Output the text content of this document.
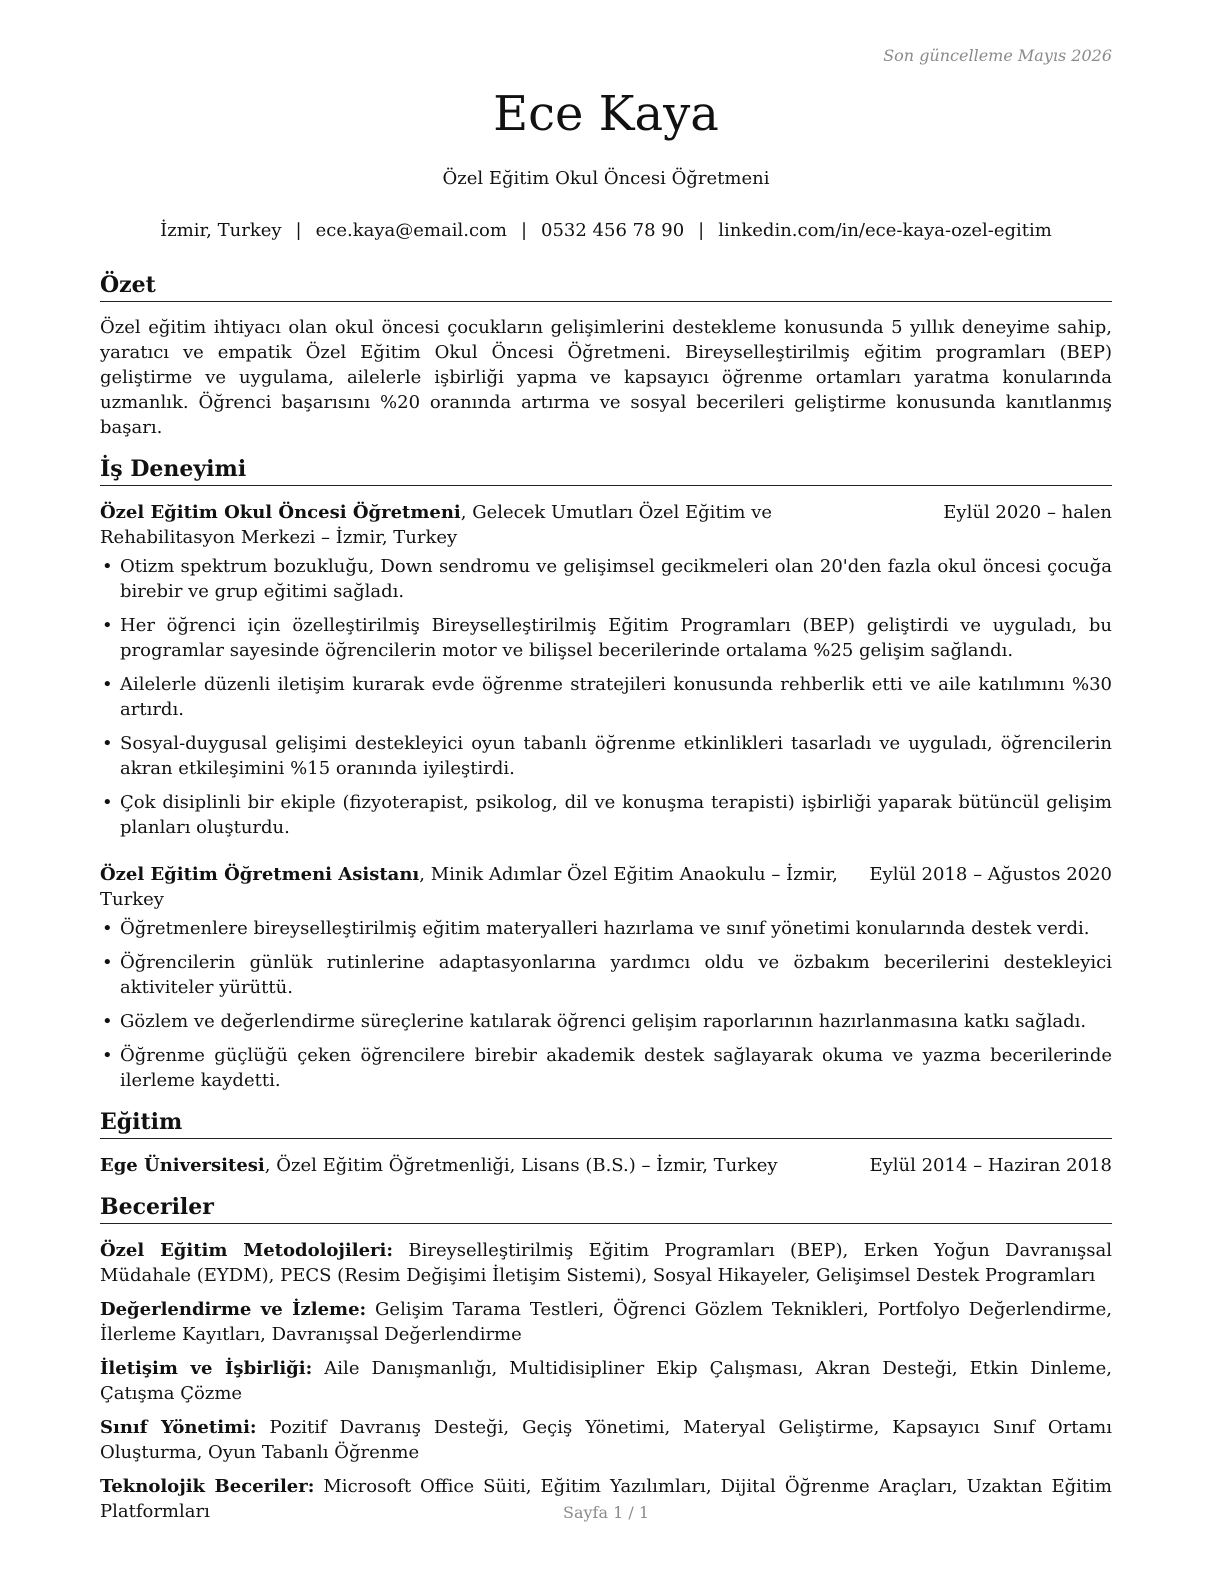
Son güncelleme Mayıs 2026
Ece Kaya
Özel Eğitim Okul Öncesi Öğretmeni
İzmir, Turkey | ece.kaya@email.com | 0532 456 78 90 | linkedin.com/in/ece-kaya-ozel-egitim
Özet

Özel eğitim ihtiyacı olan okul öncesi çocukların gelişimlerini destekleme konusunda 5 yıllık deneyime sahip, yaratıcı ve empatik Özel Eğitim Okul Öncesi Öğretmeni. Bireyselleştirilmiş eğitim programları (BEP) geliştirme ve uygulama, ailelerle işbirliği yapma ve kapsayıcı öğrenme ortamları yaratma konularında uzmanlık. Öğrenci başarısını %20 oranında artırma ve sosyal becerileri geliştirme konusunda kanıtlanmış başarı.

İş Deneyimi
Özel Eğitim Okul Öncesi Öğretmeni, Gelecek Umutları Özel Eğitim ve Rehabilitasyon Merkezi – İzmir, Turkey
Eylül 2020 – halen
• Otizm spektrum bozukluğu, Down sendromu ve gelişimsel gecikmeleri olan 20'den fazla okul öncesi çocuğa birebir ve grup eğitimi sağladı.
• Her öğrenci için özelleştirilmiş Bireyselleştirilmiş Eğitim Programları (BEP) geliştirdi ve uyguladı, bu programlar sayesinde öğrencilerin motor ve bilişsel becerilerinde ortalama %25 gelişim sağlandı.
• Ailelerle düzenli iletişim kurarak evde öğrenme stratejileri konusunda rehberlik etti ve aile katılımını %30 artırdı.
• Sosyal-duygusal gelişimi destekleyici oyun tabanlı öğrenme etkinlikleri tasarladı ve uyguladı, öğrencilerin akran etkileşimini %15 oranında iyileştirdi.
• Çok disiplinli bir ekiple (fizyoterapist, psikolog, dil ve konuşma terapisti) işbirliği yaparak bütüncül gelişim planları oluşturdu.
Özel Eğitim Öğretmeni Asistanı, Minik Adımlar Özel Eğitim Anaokulu – İzmir, Turkey
Eylül 2018 – Ağustos 2020
• Öğretmenlere bireyselleştirilmiş eğitim materyalleri hazırlama ve sınıf yönetimi konularında destek verdi.
• Öğrencilerin günlük rutinlerine adaptasyonlarına yardımcı oldu ve özbakım becerilerini destekleyici aktiviteler yürüttü.
• Gözlem ve değerlendirme süreçlerine katılarak öğrenci gelişim raporlarının hazırlanmasına katkı sağladı.
• Öğrenme güçlüğü çeken öğrencilere birebir akademik destek sağlayarak okuma ve yazma becerilerinde ilerleme kaydetti.
Eğitim
Ege Üniversitesi, Özel Eğitim Öğretmenliği, Lisans (B.S.) – İzmir, Turkey	Eylül 2014 – Haziran 2018
Beceriler
Özel Eğitim Metodolojileri: Bireyselleştirilmiş Eğitim Programları (BEP), Erken Yoğun Davranışsal Müdahale (EYDM), PECS (Resim Değişimi İletişim Sistemi), Sosyal Hikayeler, Gelişimsel Destek Programları
Değerlendirme ve İzleme: Gelişim Tarama Testleri, Öğrenci Gözlem Teknikleri, Portfolyo Değerlendirme, İlerleme Kayıtları, Davranışsal Değerlendirme
İletişim ve İşbirliği: Aile Danışmanlığı, Multidisipliner Ekip Çalışması, Akran Desteği, Etkin Dinleme, Çatışma Çözme
Sınıf Yönetimi: Pozitif Davranış Desteği, Geçiş Yönetimi, Materyal Geliştirme, Kapsayıcı Sınıf Ortamı Oluşturma, Oyun Tabanlı Öğrenme
Teknolojik Beceriler: Microsoft Office Süiti, Eğitim Yazılımları, Dijital Öğrenme Araçları, Uzaktan Eğitim Platformları	Sayfa 1 / 1
